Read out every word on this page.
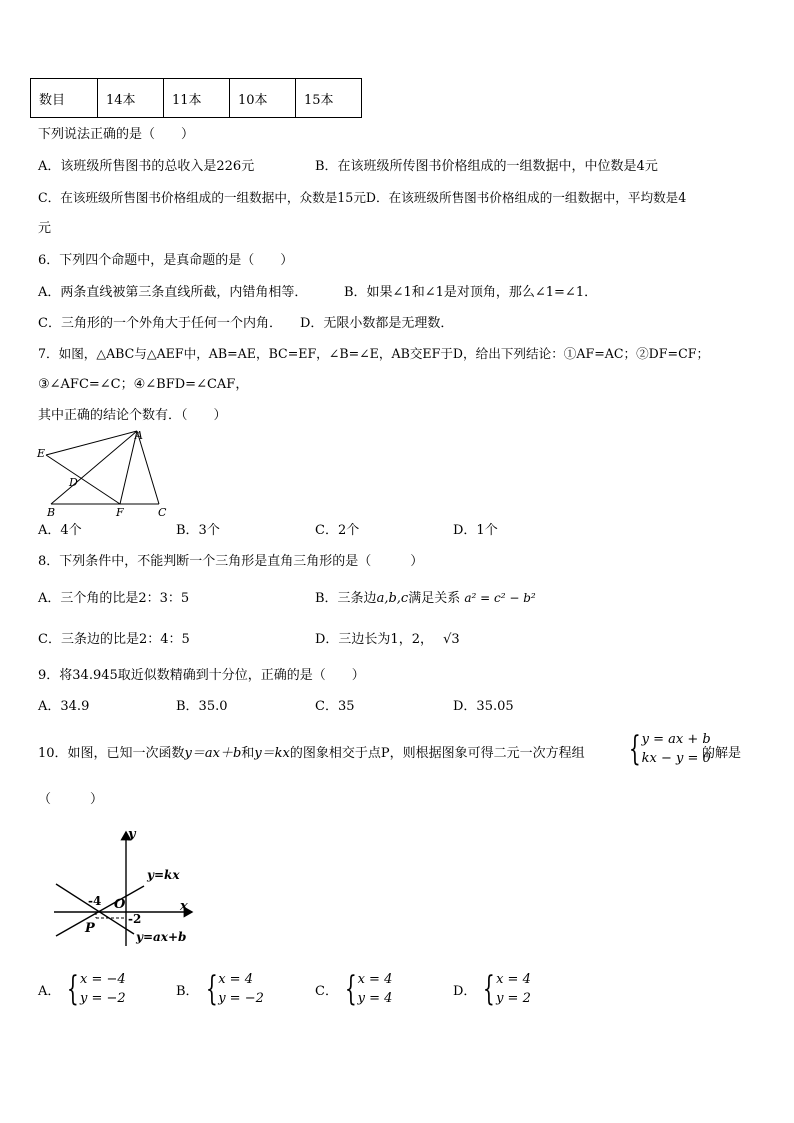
数目	14本	11本	10本	15本
下列说法正确的是（　　）
A．该班级所售图书的总收入是226元	B．在该班级所传图书价格组成的一组数据中，中位数是4元
C．在该班级所售图书价格组成的一组数据中，众数是15元D．在该班级所售图书价格组成的一组数据中，平均数是4
元
6．下列四个命题中，是真命题的是（　　）
A．两条直线被第三条直线所截，内错角相等．	B．如果∠1和∠1是对顶角，那么∠1=∠1．
C．三角形的一个外角大于任何一个内角． D．无限小数都是无理数．
7．如图，△ABC与△AEF中，AB=AE，BC=EF，∠B=∠E，AB交EF于D，给出下列结论：①AF=AC；②DF=CF；
③∠AFC=∠C；④∠BFD=∠CAF，
其中正确的结论个数有．（　　）
A
E
D
B	F	C
A．4个	B．3个	C．2个	D．1个
8．下列条件中，不能判断一个三角形是直角三角形的是（　　　）
A．三个角的比是2：3：5	B．三条边a,b,c满足关系 a² = c² − b²
C．三条边的比是2：4：5	D．三边长为1，2， √3
9．将34.945取近似数精确到十分位，正确的是（　　）
A．34.9	B．35.0	C．35	D．35.05
10．如图，已知一次函数y＝ax＋b和y＝kx的图象相交于点P，则根据图象可得二元一次方程组 { y = ax + b
kx − y = 0
的解是
（　　　）
y
x
O
-4
-2
P
y=kx
y=ax+b
A． { x = −4
y = −2	B． { x = 4
y = −2	C． { x = 4
y = 4	D． { x = 4
y = 2
